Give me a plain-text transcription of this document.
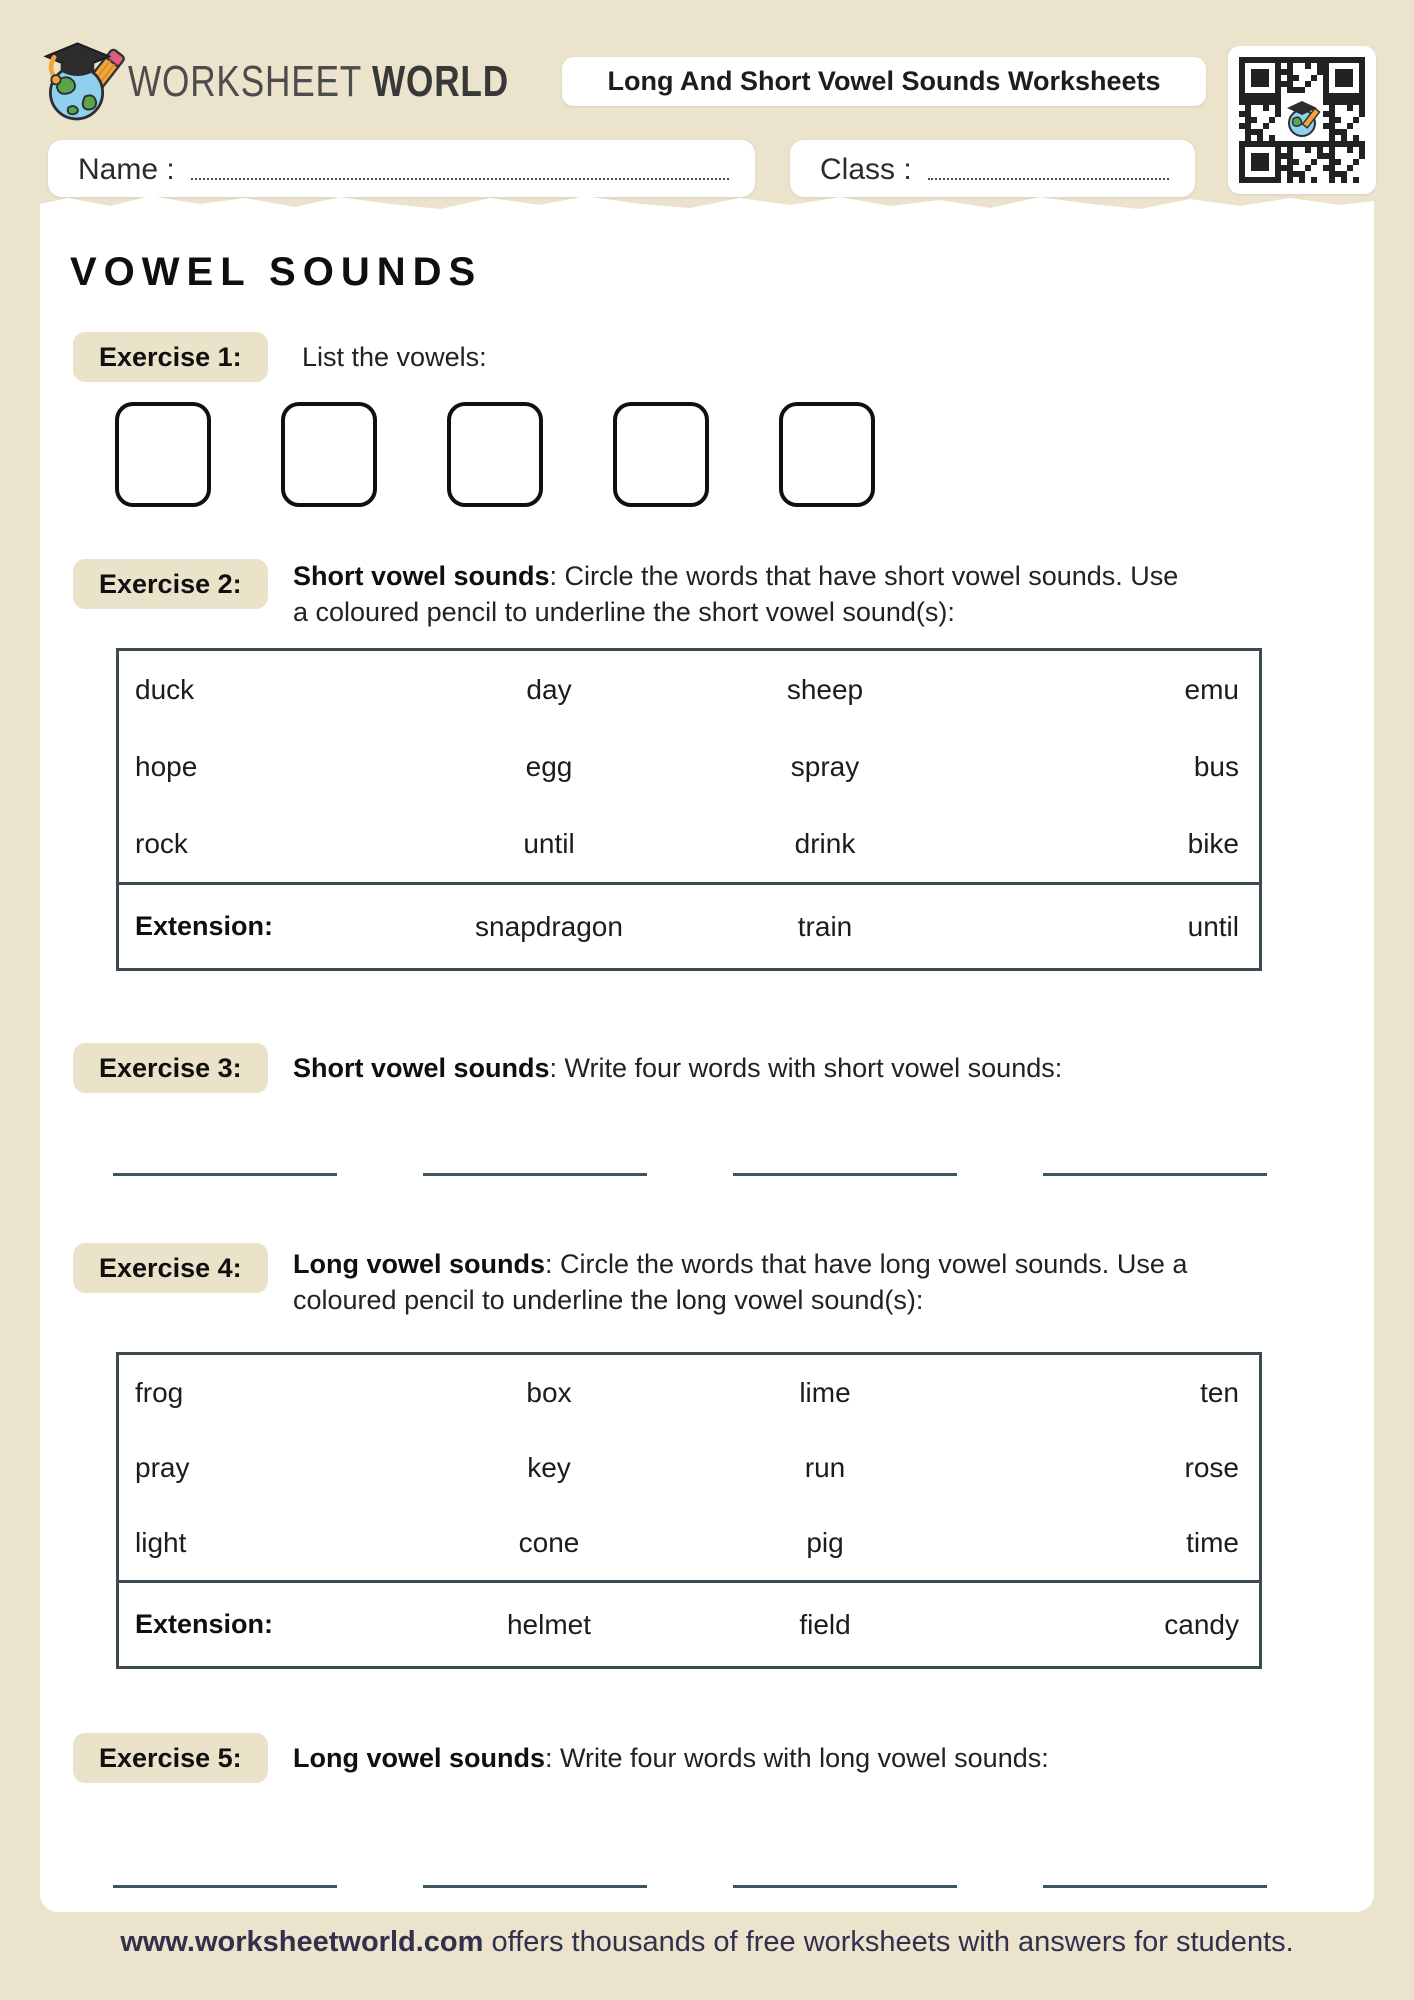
WORKSHEET WORLD	Long And Short Vowel Sounds Worksheets
Name :	Class :
VOWEL SOUNDS
Exercise 1:	List the vowels:
Exercise 2:	Short vowel sounds: Circle the words that have short vowel sounds. Use a coloured pencil to underline the short vowel sound(s):
duck	day	sheep	emu
hope	egg	spray	bus
rock	until	drink	bike
Extension:	snapdragon	train	until
Exercise 3:	Short vowel sounds: Write four words with short vowel sounds:
Exercise 4:	Long vowel sounds: Circle the words that have long vowel sounds. Use a coloured pencil to underline the long vowel sound(s):
frog	box	lime	ten
pray	key	run	rose
light	cone	pig	time
Extension:	helmet	field	candy
Exercise 5:	Long vowel sounds: Write four words with long vowel sounds:
www.worksheetworld.com offers thousands of free worksheets with answers for students.
